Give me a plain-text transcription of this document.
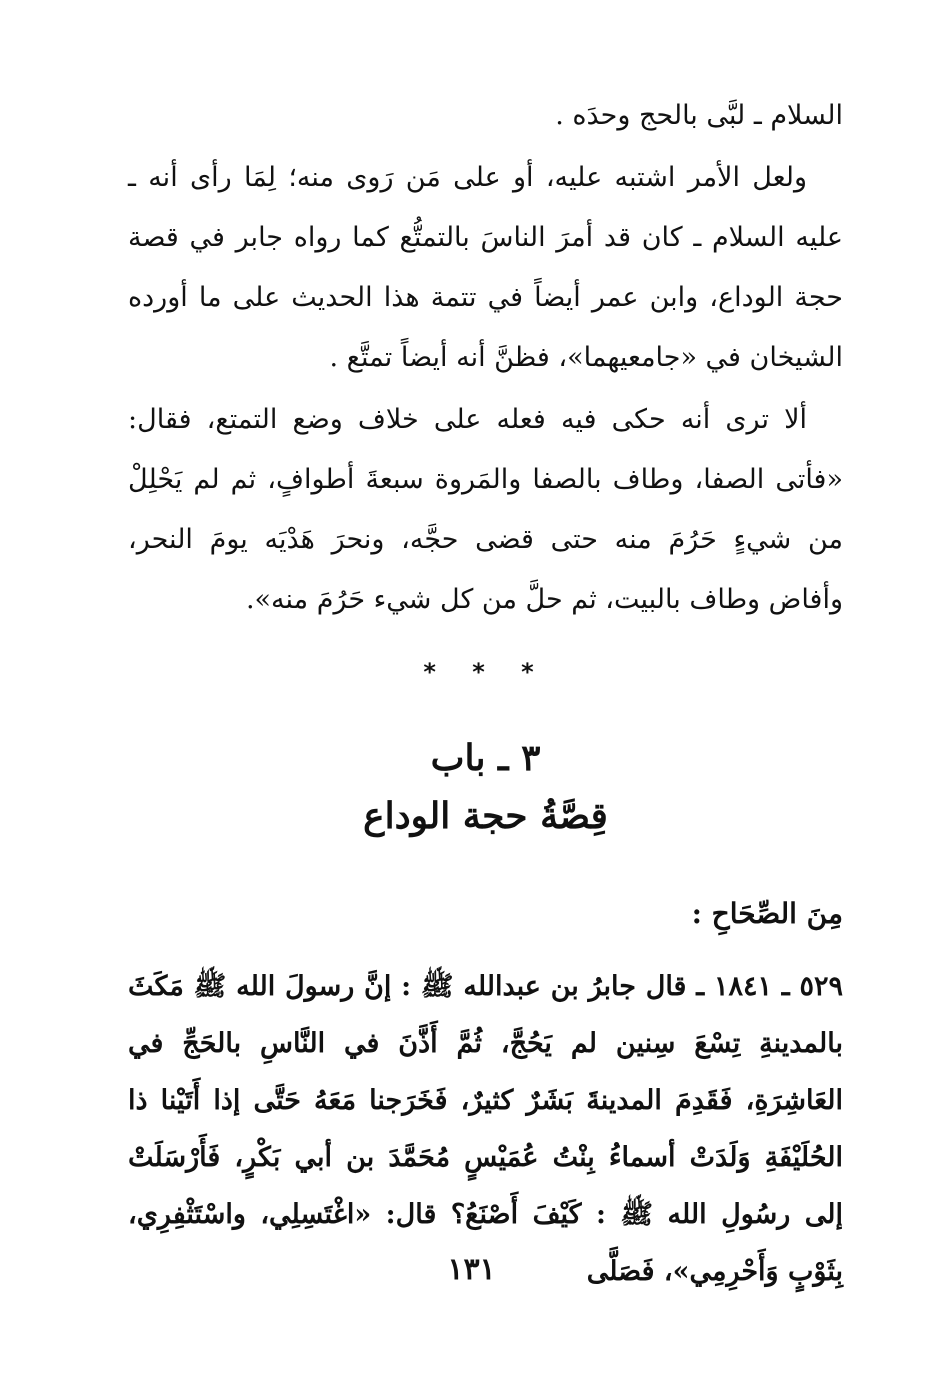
السلام ـ لبَّى بالحج وحدَه .

ولعل الأمر اشتبه عليه، أو على مَن رَوى منه؛ لِمَا رأى أنه ـ عليه السلام ـ كان قد أمرَ الناسَ بالتمتُّع كما رواه جابر في قصة حجة الوداع، وابن عمر أيضاً في تتمة هذا الحديث على ما أورده الشيخان في «جامعيهما»، فظنَّ أنه أيضاً تمتَّع .

ألا ترى أنه حكى فيه فعله على خلاف وضع التمتع، فقال: «فأتى الصفا، وطاف بالصفا والمَروة سبعةَ أطوافٍ، ثم لم يَحْلِلْ من شيءٍ حَرُمَ منه حتى قضى حجَّه، ونحرَ هَدْيَه يومَ النحر، وأفاض وطاف بالبيت، ثم حلَّ من كل شيء حَرُمَ منه».

* * *
٣ ـ باب
قِصَّةُ حجة الوداع
مِنَ الصِّحَاحِ :

٥٢٩ ـ ١٨٤١ ـ قال جابرُ بن عبدالله ﷺ : إنَّ رسولَ الله ﷺ مَكَثَ بالمدينةِ تِسْعَ سِنين لم يَحُجَّ، ثُمَّ أَذَّنَ في النَّاسِ بالحَجِّ في العَاشِرَةِ، فَقَدِمَ المدينةَ بَشَرٌ كثيرٌ، فَخَرَجنا مَعَهُ حَتَّى إذا أَتَيْنا ذا الحُلَيْفَةِ وَلَدَتْ أسماءُ بِنْتُ عُمَيْسٍ مُحَمَّدَ بن أبي بَكْرٍ، فَأَرْسَلَتْ إلى رسُولِ الله ﷺ : كَيْفَ أَصْنَعُ؟ قال: «اغْتَسِلِي، واسْتَثْفِرِي، بِثَوْبٍ وَأَحْرِمِي»، فَصَلَّى

١٣١
